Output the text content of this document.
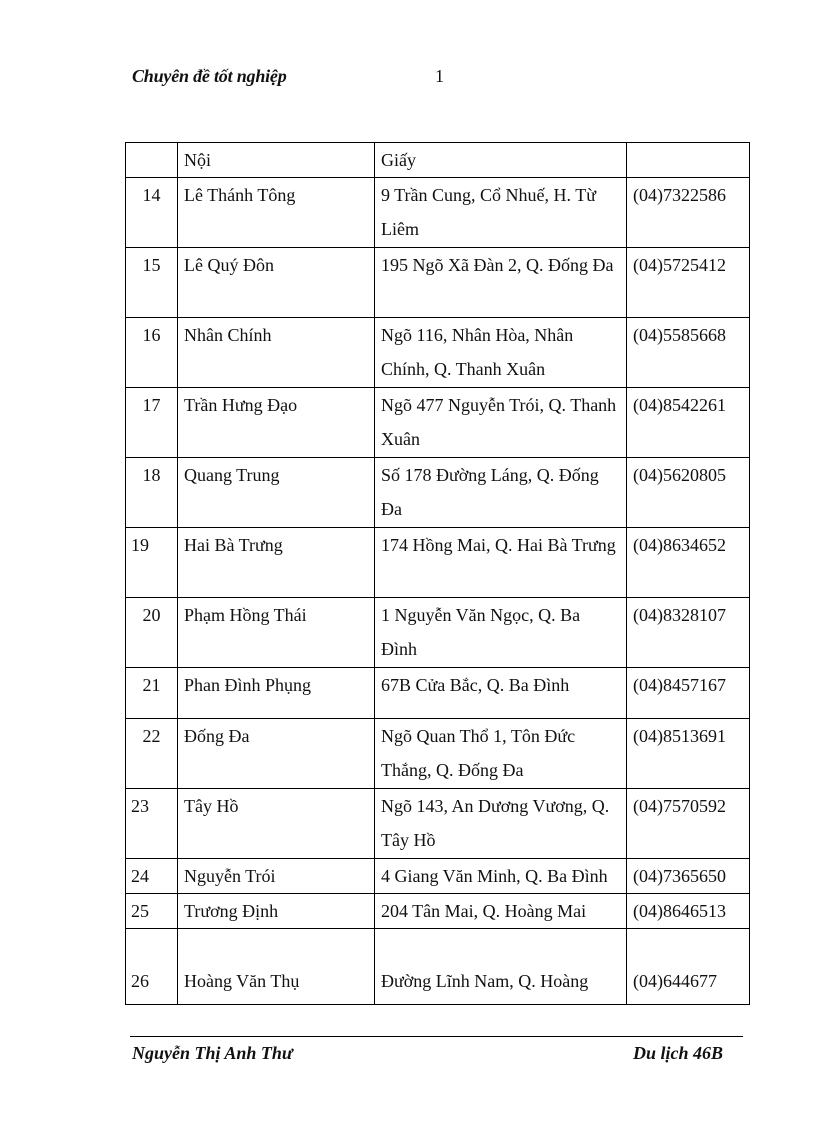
Chuyên đề tốt nghiệp	1
	Nội	Giấy	
14	Lê Thánh Tông	9 Trần Cung, Cổ Nhuế, H. Từ Liêm	(04)7322586
15	Lê Quý Đôn	195 Ngõ Xã Đàn 2, Q. Đống Đa	(04)5725412
16	Nhân Chính	Ngõ 116, Nhân Hòa, Nhân Chính, Q. Thanh Xuân	(04)5585668
17	Trần Hưng Đạo	Ngõ 477 Nguyễn Trói, Q. Thanh Xuân	(04)8542261
18	Quang Trung	Số 178 Đường Láng, Q. Đống Đa	(04)5620805
19	Hai Bà Trưng	174 Hồng Mai, Q. Hai Bà Trưng	(04)8634652
20	Phạm Hồng Thái	1 Nguyễn Văn Ngọc, Q. Ba Đình	(04)8328107
21	Phan Đình Phụng	67B Cửa Bắc, Q. Ba Đình	(04)8457167
22	Đống Đa	Ngõ Quan Thổ 1, Tôn Đức Thắng, Q. Đống Đa	(04)8513691
23	Tây Hồ	Ngõ 143, An Dương Vương, Q. Tây Hồ	(04)7570592
24	Nguyễn Trói	4 Giang Văn Minh, Q. Ba Đình	(04)7365650
25	Trương Định	204 Tân Mai, Q. Hoàng Mai	(04)8646513
26	Hoàng Văn Thụ	Đường Lĩnh Nam, Q. Hoàng	(04)644677
Nguyễn Thị Anh Thư	Du lịch 46B
